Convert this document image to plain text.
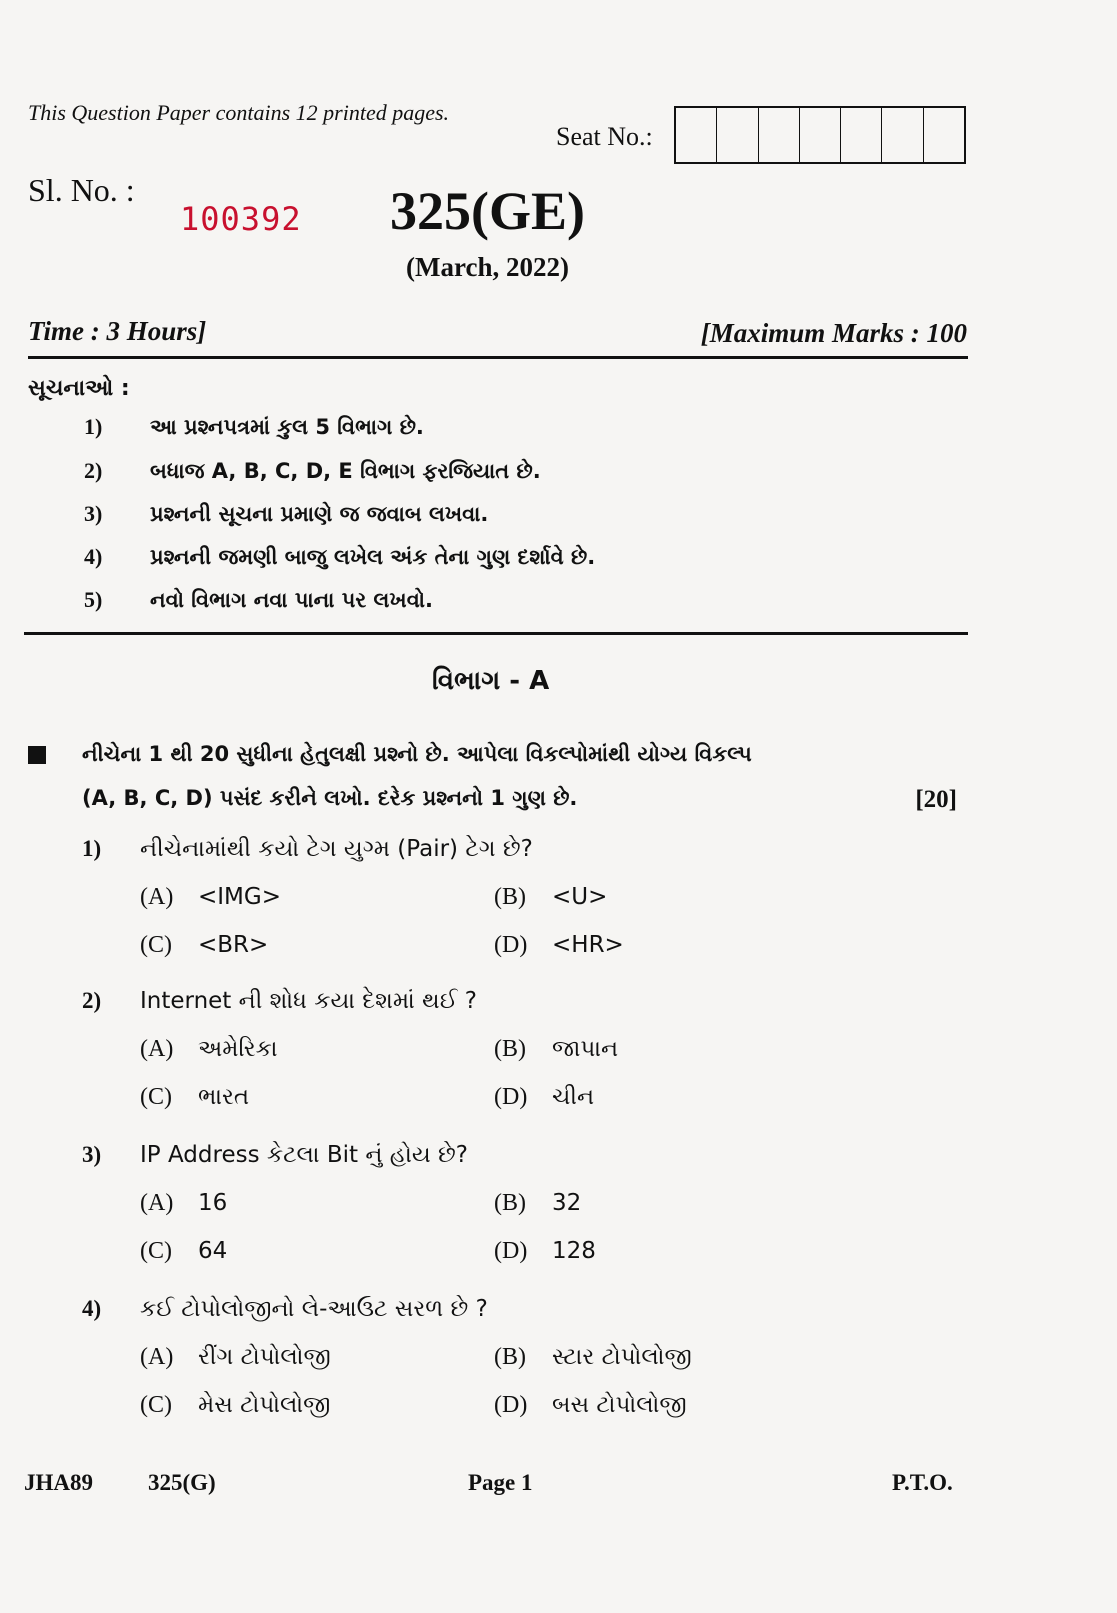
This Question Paper contains 12 printed pages.
Seat No.:
Sl. No. :
100392 325(GE)
(March, 2022)
Time : 3 Hours]	[Maximum Marks : 100
સૂચનાઓ :
1) આ પ્રશ્નપત્રમાં કુલ 5 વિભાગ છે.
2) બધાજ A, B, C, D, E વિભાગ ફરજિયાત છે.
3) પ્રશ્નની સૂચના પ્રમાણે જ જવાબ લખવા.
4) પ્રશ્નની જમણી બાજુ લખેલ અંક તેના ગુણ દર્શાવે છે.
5) નવો વિભાગ નવા પાના પર લખવો.
વિભાગ - A
નીચેના 1 થી 20 સુધીના હેતુલક્ષી પ્રશ્નો છે. આપેલા વિકલ્પોમાંથી યોગ્ય વિકલ્પ
(A, B, C, D) પસંદ કરીને લખો. દરેક પ્રશ્નનો 1 ગુણ છે.	[20]
1) નીચેનામાંથી કયો ટેગ યુગ્મ (Pair) ટેગ છે?
(A) <IMG>	(B) <U>
(C) <BR>	(D) <HR>
2) Internet ની શોધ કયા દેશમાં થઈ ?
(A) અમેરિકા	(B) જાપાન
(C) ભારત	(D) ચીન
3) IP Address કેટલા Bit નું હોય છે?
(A) 16	(B) 32
(C) 64	(D) 128
4) કઈ ટોપોલોજીનો લે-આઉટ સરળ છે ?
(A) રીંગ ટોપોલોજી	(B) સ્ટાર ટોપોલોજી
(C) મેસ ટોપોલોજી	(D) બસ ટોપોલોજી
JHA89 325(G)	Page 1	P.T.O.
